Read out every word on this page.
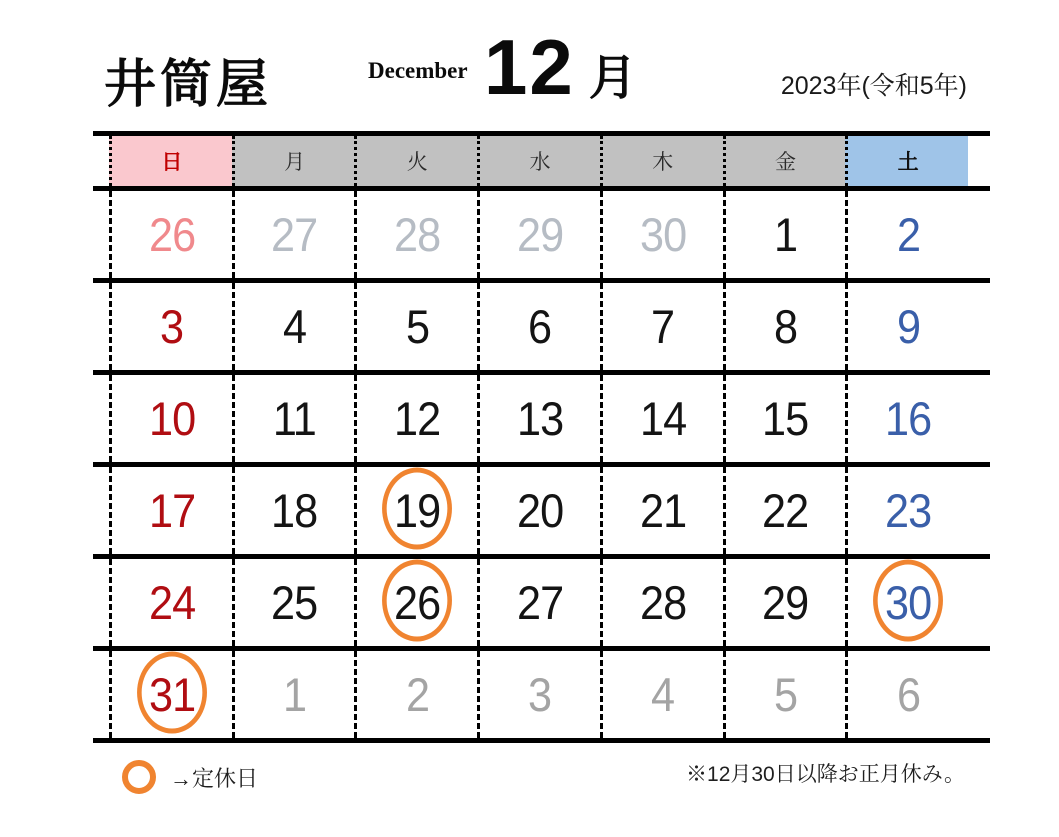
井筒屋	December 12 月	2023年(令和5年)
日	月	火	水	木	金	土
26 27 28 29 30 1 2
3 4 5 6 7 8 9
10 11 12 13 14 15 16
17 18 19 20 21 22 23
24 25 26 27 28 29 30
31 1 2 3 4 5 6
→定休日	※12月30日以降お正月休み。
